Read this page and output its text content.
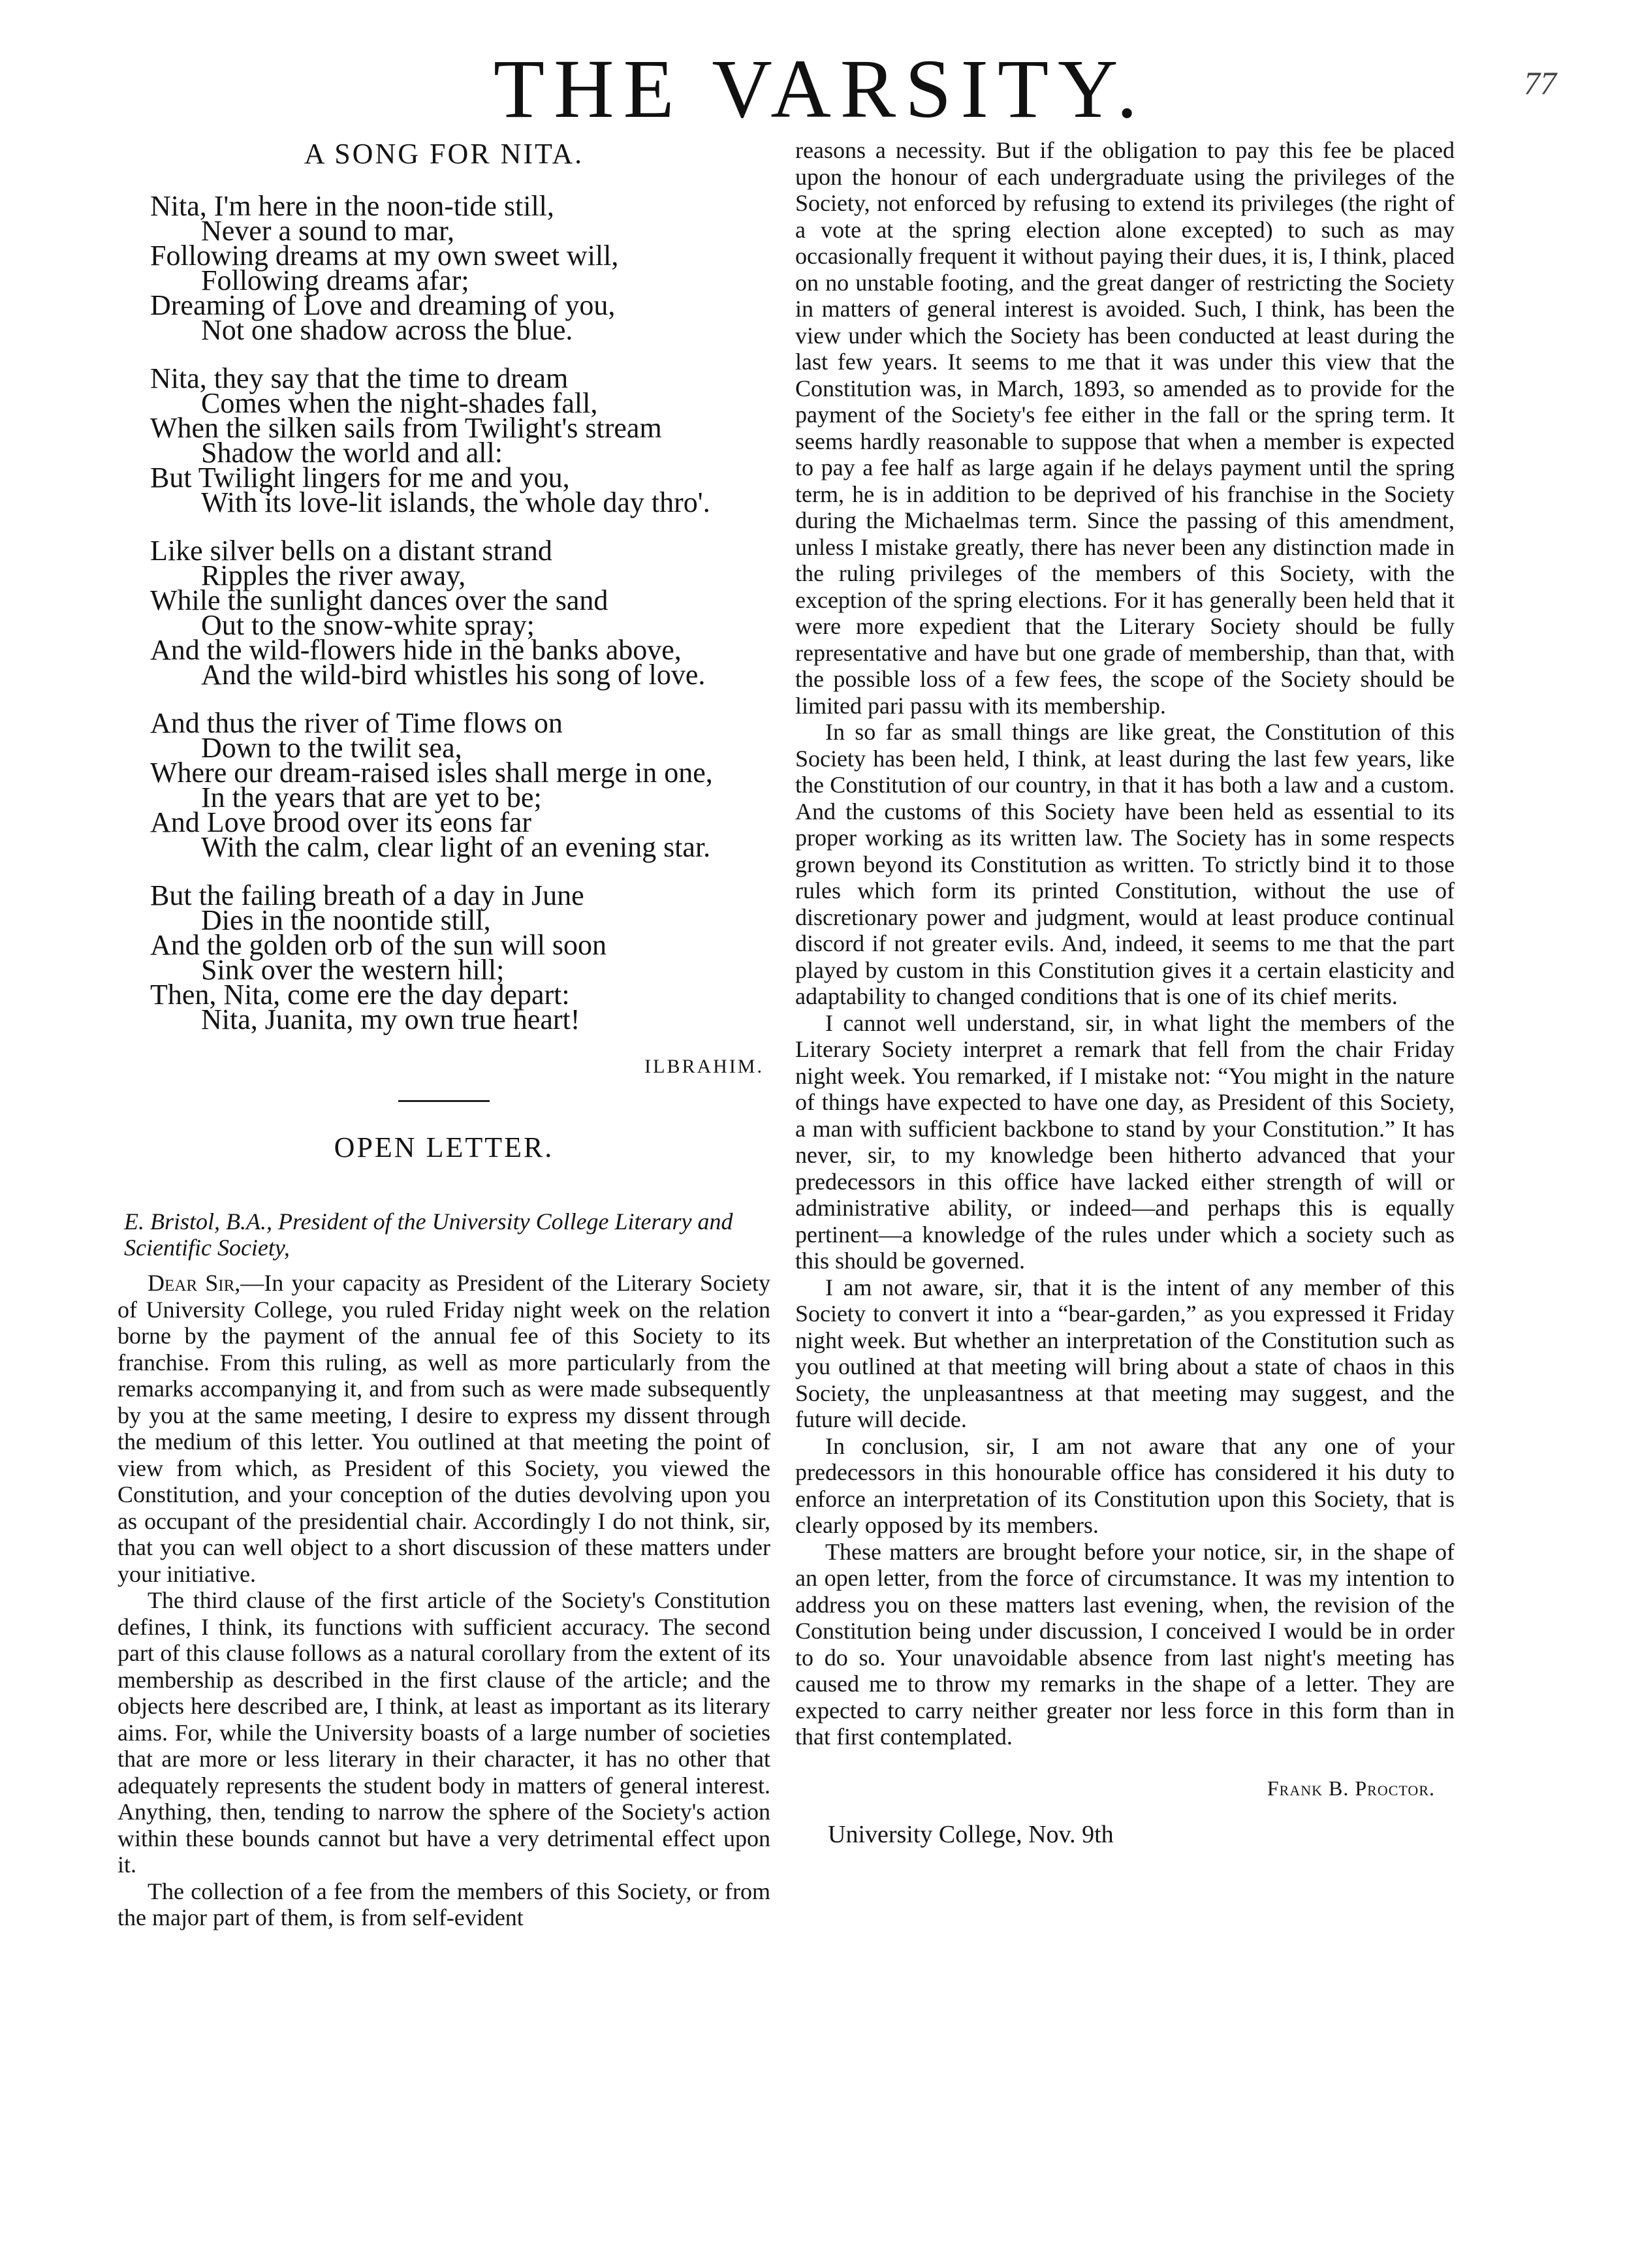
THE VARSITY.	77
A SONG FOR NITA.
Nita, I'm here in the noon-tide still,
Never a sound to mar,
Following dreams at my own sweet will,
Following dreams afar;
Dreaming of Love and dreaming of you,
Not one shadow across the blue.
Nita, they say that the time to dream
Comes when the night-shades fall,
When the silken sails from Twilight's stream
Shadow the world and all:
But Twilight lingers for me and you,
With its love-lit islands, the whole day thro'.
Like silver bells on a distant strand
Ripples the river away,
While the sunlight dances over the sand
Out to the snow-white spray;
And the wild-flowers hide in the banks above,
And the wild-bird whistles his song of love.
And thus the river of Time flows on
Down to the twilit sea,
Where our dream-raised isles shall merge in one,
In the years that are yet to be;
And Love brood over its eons far
With the calm, clear light of an evening star.
But the failing breath of a day in June
Dies in the noontide still,
And the golden orb of the sun will soon
Sink over the western hill;
Then, Nita, come ere the day depart:
Nita, Juanita, my own true heart!
ILBRAHIM.
OPEN LETTER.
E. Bristol, B.A., President of the University College Literary and Scientific Society,

Dear Sir,—In your capacity as President of the Literary Society of University College, you ruled Friday night week on the relation borne by the payment of the annual fee of this Society to its franchise. From this ruling, as well as more particularly from the remarks accompanying it, and from such as were made subsequently by you at the same meeting, I desire to express my dissent through the medium of this letter. You outlined at that meeting the point of view from which, as President of this Society, you viewed the Constitution, and your conception of the duties devolving upon you as occupant of the presidential chair. Accordingly I do not think, sir, that you can well object to a short discussion of these matters under your initiative.

The third clause of the first article of the Society's Constitution defines, I think, its functions with sufficient accuracy. The second part of this clause follows as a natural corollary from the extent of its membership as described in the first clause of the article; and the objects here described are, I think, at least as important as its literary aims. For, while the University boasts of a large number of societies that are more or less literary in their character, it has no other that adequately represents the student body in matters of general interest. Anything, then, tending to narrow the sphere of the Society's action within these bounds cannot but have a very detrimental effect upon it.

The collection of a fee from the members of this Society, or from the major part of them, is from self-evident

reasons a necessity. But if the obligation to pay this fee be placed upon the honour of each undergraduate using the privileges of the Society, not enforced by refusing to extend its privileges (the right of a vote at the spring election alone excepted) to such as may occasionally frequent it without paying their dues, it is, I think, placed on no unstable footing, and the great danger of restricting the Society in matters of general interest is avoided. Such, I think, has been the view under which the Society has been conducted at least during the last few years. It seems to me that it was under this view that the Constitution was, in March, 1893, so amended as to provide for the payment of the Society's fee either in the fall or the spring term. It seems hardly reasonable to suppose that when a member is expected to pay a fee half as large again if he delays payment until the spring term, he is in addition to be deprived of his franchise in the Society during the Michaelmas term. Since the passing of this amendment, unless I mistake greatly, there has never been any distinction made in the ruling privileges of the members of this Society, with the exception of the spring elections. For it has generally been held that it were more expedient that the Literary Society should be fully representative and have but one grade of membership, than that, with the possible loss of a few fees, the scope of the Society should be limited pari passu with its membership.

In so far as small things are like great, the Constitution of this Society has been held, I think, at least during the last few years, like the Constitution of our country, in that it has both a law and a custom. And the customs of this Society have been held as essential to its proper working as its written law. The Society has in some respects grown beyond its Constitution as written. To strictly bind it to those rules which form its printed Constitution, without the use of discretionary power and judgment, would at least produce continual discord if not greater evils. And, indeed, it seems to me that the part played by custom in this Constitution gives it a certain elasticity and adaptability to changed conditions that is one of its chief merits.

I cannot well understand, sir, in what light the members of the Literary Society interpret a remark that fell from the chair Friday night week. You remarked, if I mistake not: “You might in the nature of things have expected to have one day, as President of this Society, a man with sufficient backbone to stand by your Constitution.” It has never, sir, to my knowledge been hitherto advanced that your predecessors in this office have lacked either strength of will or administrative ability, or indeed—and perhaps this is equally pertinent—a knowledge of the rules under which a society such as this should be governed.

I am not aware, sir, that it is the intent of any member of this Society to convert it into a “bear-garden,” as you expressed it Friday night week. But whether an interpretation of the Constitution such as you outlined at that meeting will bring about a state of chaos in this Society, the unpleasantness at that meeting may suggest, and the future will decide.

In conclusion, sir, I am not aware that any one of your predecessors in this honourable office has considered it his duty to enforce an interpretation of its Constitution upon this Society, that is clearly opposed by its members.

These matters are brought before your notice, sir, in the shape of an open letter, from the force of circumstance. It was my intention to address you on these matters last evening, when, the revision of the Constitution being under discussion, I conceived I would be in order to do so. Your unavoidable absence from last night's meeting has caused me to throw my remarks in the shape of a letter. They are expected to carry neither greater nor less force in this form than in that first contemplated.

Frank B. Proctor.
University College, Nov. 9th
